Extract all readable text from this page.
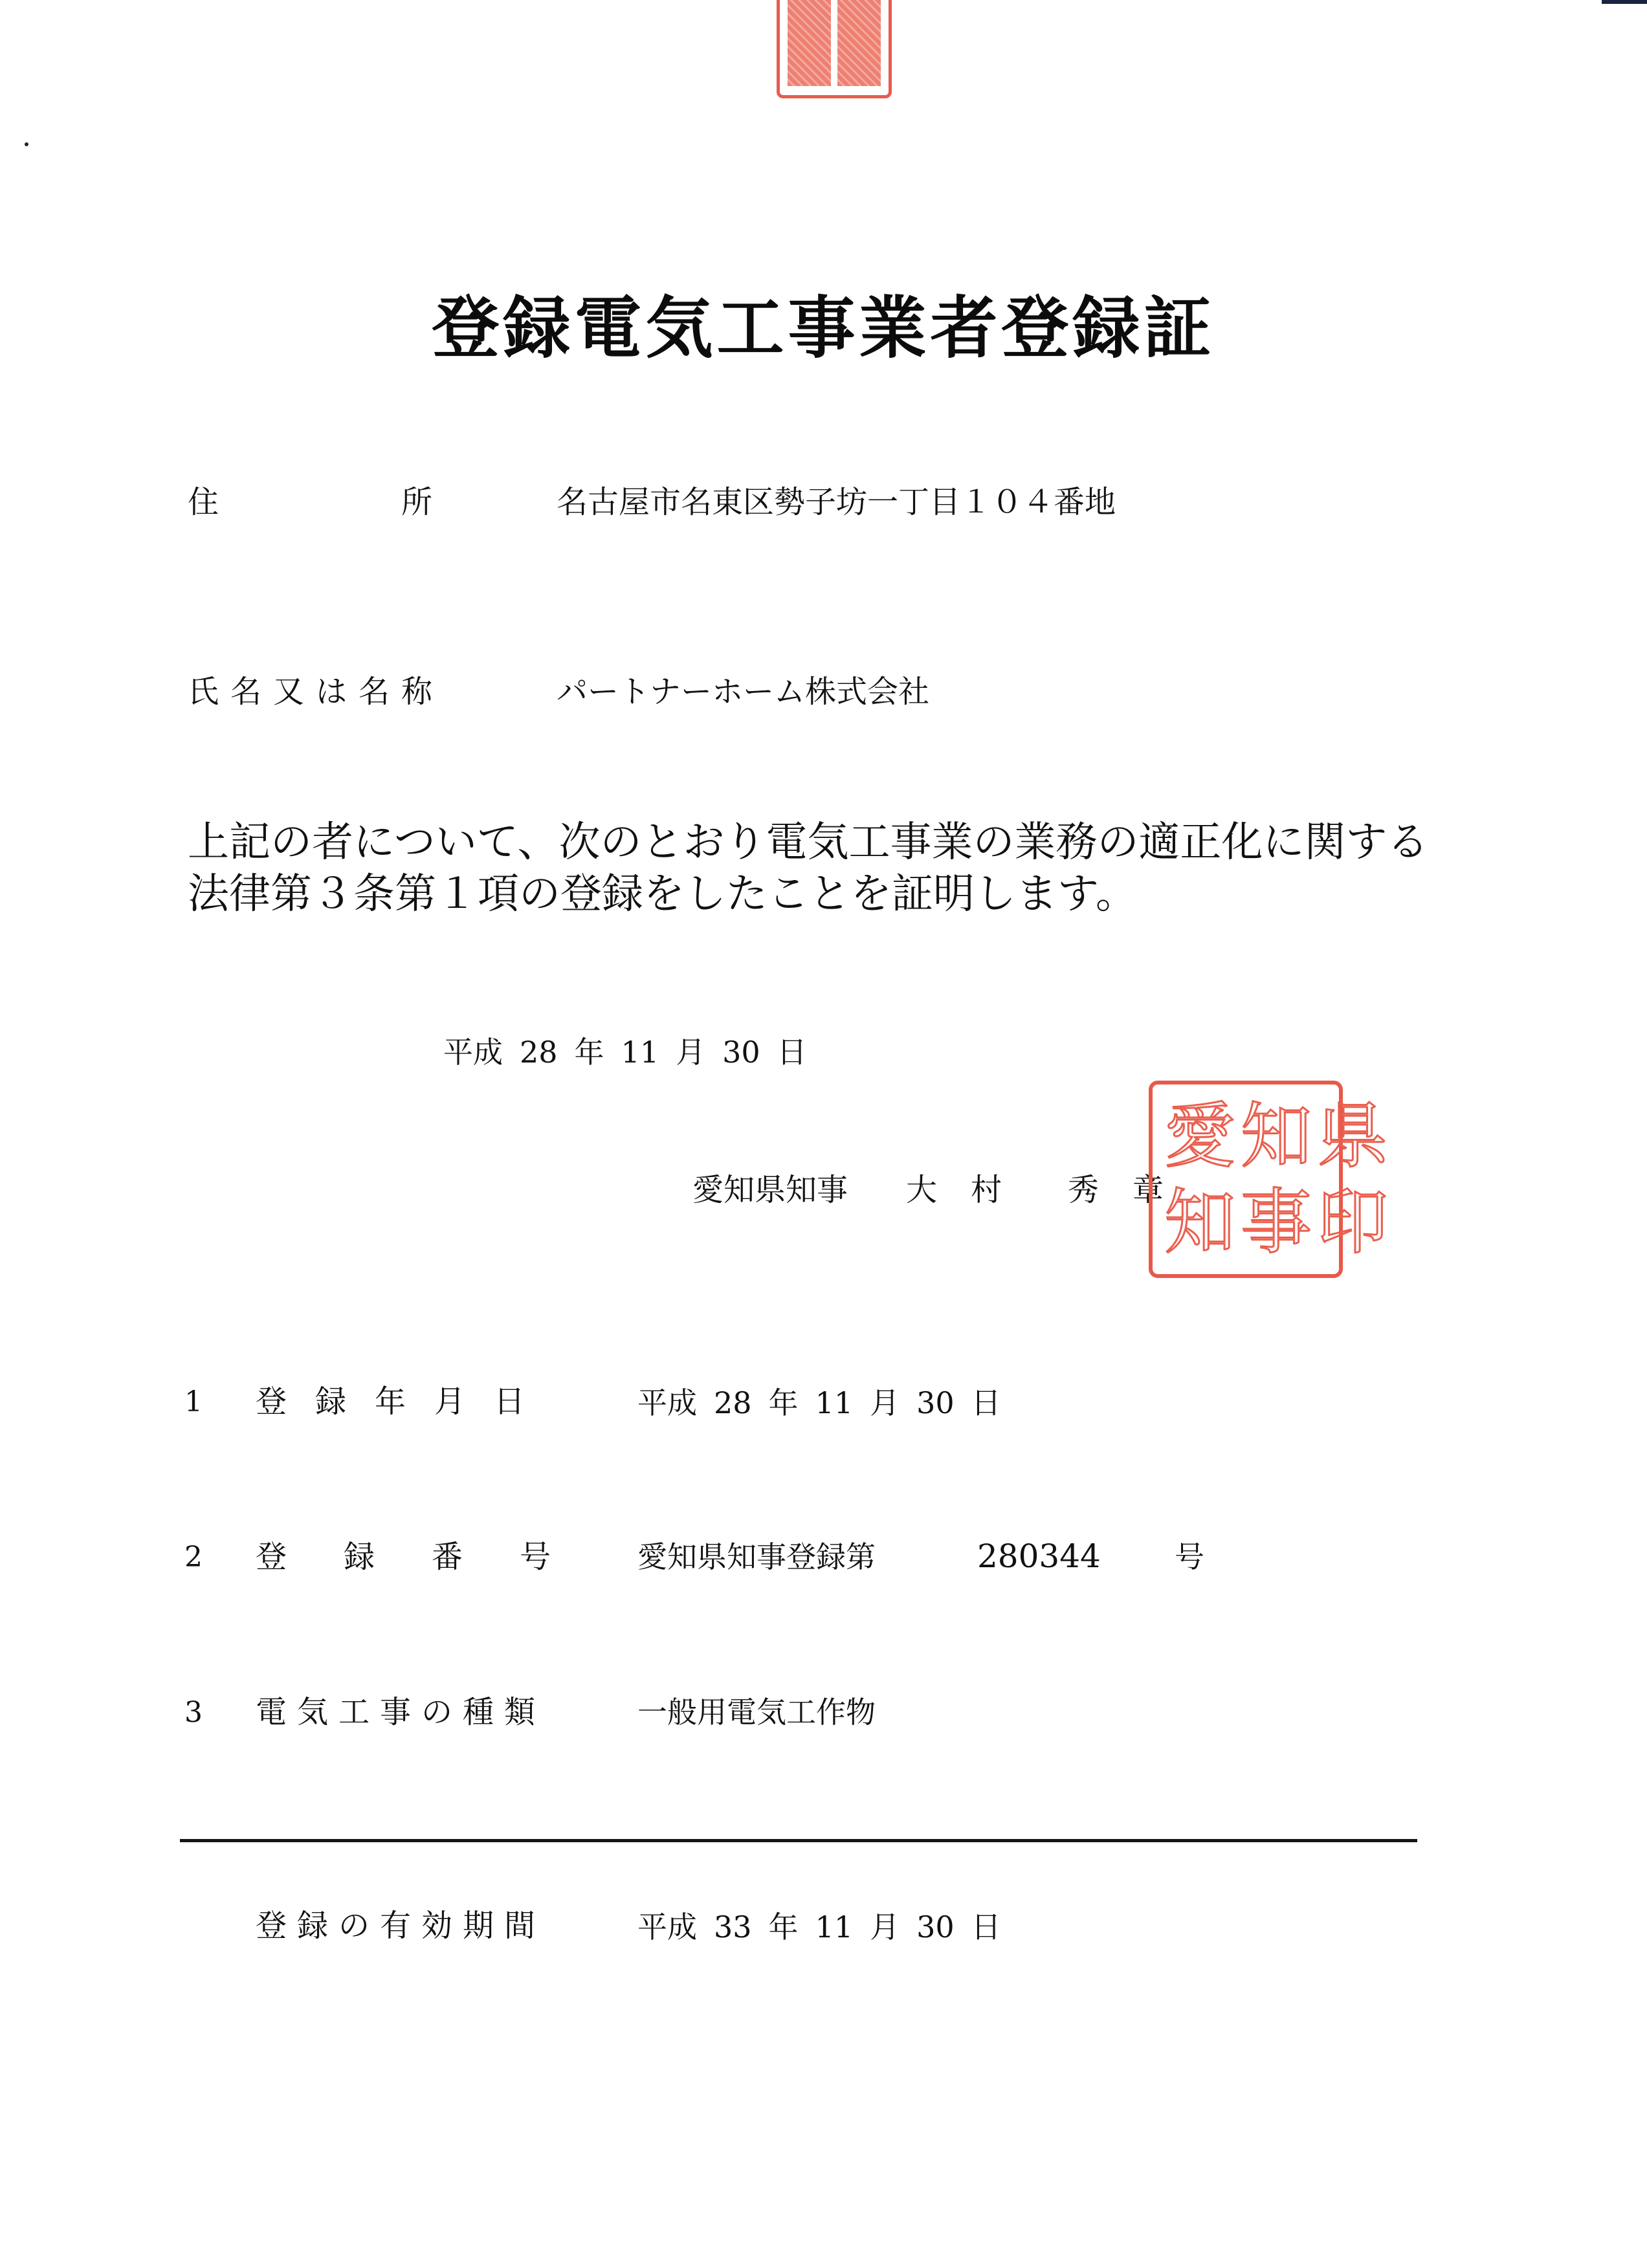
登録電気工事業者登録証
住	所	名古屋市名東区勢子坊一丁目１０４番地
氏名又は名称	パートナーホーム株式会社
上記の者について、次のとおり電気工事業の業務の適正化に関する法律第３条第１項の登録をしたことを証明します。
平成 28 年 11 月 30 日
愛知県知事 大 村 秀 章
県
知
愛
印
事
知
1 登録年月日	平成 28 年 11 月 30 日
2 登録番号 愛知県知事登録第	280344 号
3 電気工事の種類	一般用電気工作物
登録の有効期間	平成 33 年 11 月 30 日
